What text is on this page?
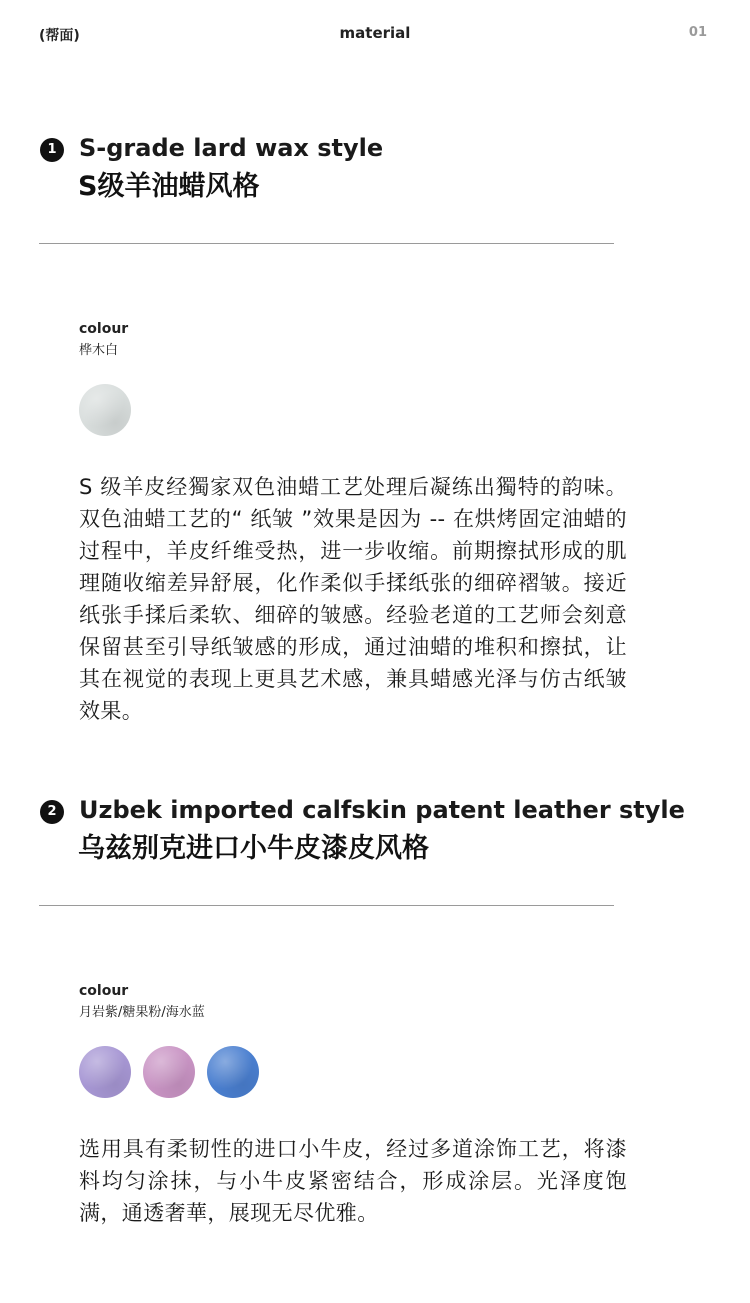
(帮面)	material	01
1 S-grade lard wax style
S级羊油蜡风格
colour
桦木白
S 级羊皮经獨家双色油蜡工艺处理后凝练出獨特的韵味。双色油蜡工艺的“ 纸皱 ”效果是因为 -- 在烘烤固定油蜡的过程中，羊皮纤维受热，进一步收缩。前期擦拭形成的肌理随收缩差异舒展，化作柔似手揉纸张的细碎褶皱。接近纸张手揉后柔软、细碎的皱感。经验老道的工艺师会刻意保留甚至引导纸皱感的形成，通过油蜡的堆积和擦拭，让其在视觉的表现上更具艺术感，兼具蜡感光泽与仿古纸皱效果。
2 Uzbek imported calfskin patent leather style
乌兹别克进口小牛皮漆皮风格
colour
月岩紫/糖果粉/海水蓝
选用具有柔韧性的进口小牛皮，经过多道涂饰工艺，将漆料均匀涂抹，与小牛皮紧密结合，形成涂层。光泽度饱满，通透奢華，展现无尽优雅。
